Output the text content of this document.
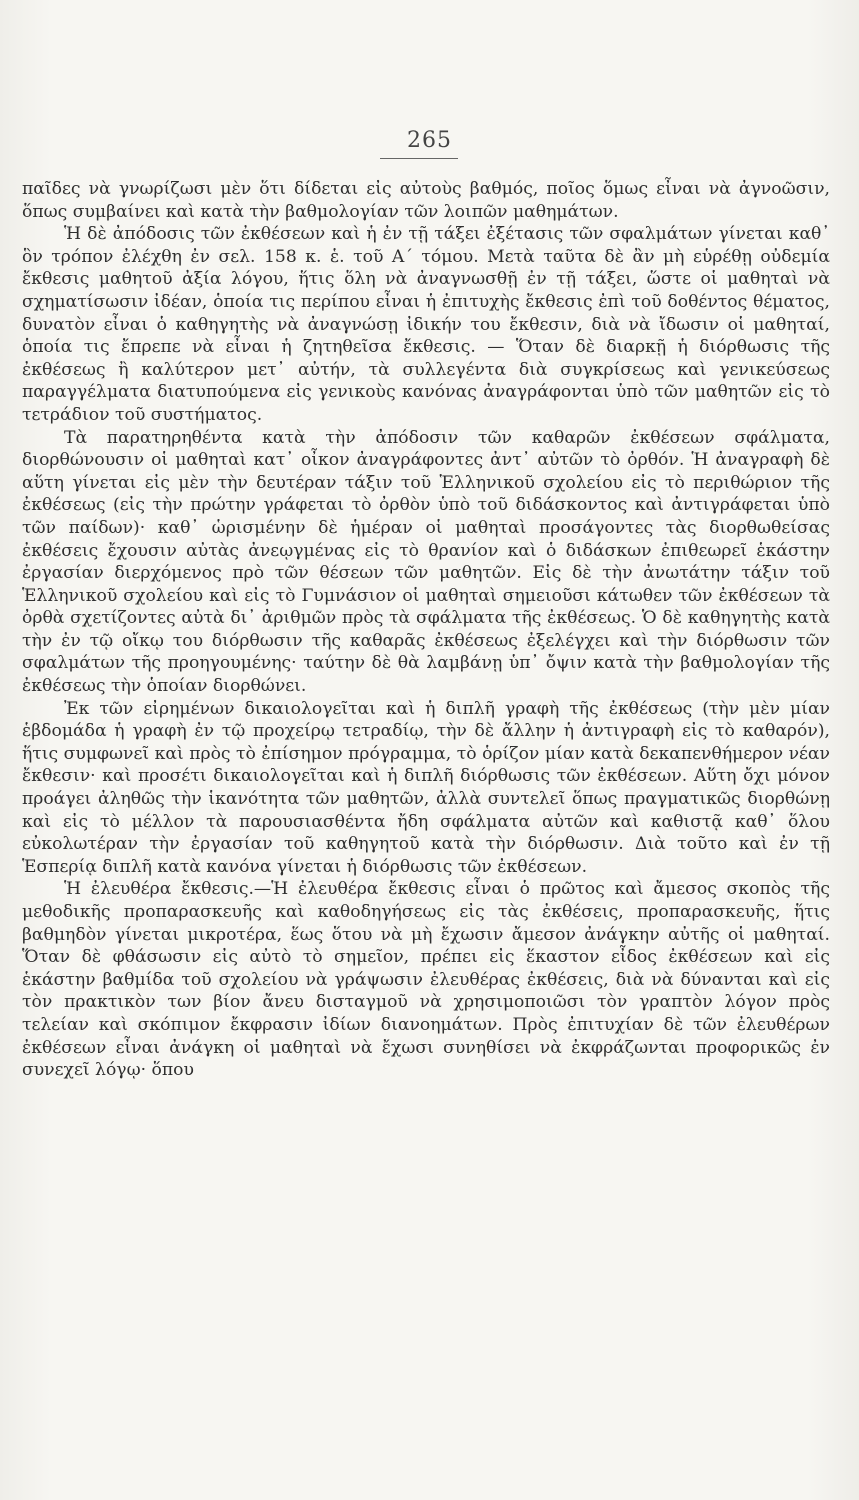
265

παῖδες νὰ γνωρίζωσι μὲν ὅτι δίδεται εἰς αὐτοὺς βαθμός, ποῖος ὅμως εἶναι νὰ ἀγνοῶσιν, ὅπως συμβαίνει καὶ κατὰ τὴν βαθμολογίαν τῶν λοιπῶν μαθημάτων.

Ἡ δὲ ἀπόδοσις τῶν ἐκθέσεων καὶ ἡ ἐν τῇ τάξει ἐξέτασις τῶν σφαλμάτων γίνεται καθ᾽ ὃν τρόπον ἐλέχθη ἐν σελ. 158 κ. ἑ. τοῦ Α΄ τόμου. Μετὰ ταῦτα δὲ ἂν μὴ εὑρέθῃ οὐδεμία ἔκθεσις μαθητοῦ ἀξία λόγου, ἥτις ὅλη νὰ ἀναγνωσθῇ ἐν τῇ τάξει, ὥστε οἱ μαθηταὶ νὰ σχηματίσωσιν ἰδέαν, ὁποία τις περίπου εἶναι ἡ ἐπιτυχὴς ἔκθεσις ἐπὶ τοῦ δοθέντος θέματος, δυνατὸν εἶναι ὁ καθηγητὴς νὰ ἀναγνώσῃ ἰδικήν του ἔκθεσιν, διὰ νὰ ἴδωσιν οἱ μαθηταί, ὁποία τις ἔπρεπε νὰ εἶναι ἡ ζητηθεῖσα ἔκθεσις. — Ὅταν δὲ διαρκῇ ἡ διόρθωσις τῆς ἐκθέσεως ἢ καλύτερον μετ᾽ αὐτήν, τὰ συλλεγέντα διὰ συγκρίσεως καὶ γενικεύσεως παραγγέλματα διατυπούμενα εἰς γενικοὺς κανόνας ἀναγράφονται ὑπὸ τῶν μαθητῶν εἰς τὸ τετράδιον τοῦ συστήματος.

Τὰ παρατηρηθέντα κατὰ τὴν ἀπόδοσιν τῶν καθαρῶν ἐκθέσεων σφάλματα, διορθώνουσιν οἱ μαθηταὶ κατ᾽ οἶκον ἀναγράφοντες ἀντ᾽ αὐτῶν τὸ ὀρθόν. Ἡ ἀναγραφὴ δὲ αὕτη γίνεται εἰς μὲν τὴν δευτέραν τάξιν τοῦ Ἑλληνικοῦ σχολείου εἰς τὸ περιθώριον τῆς ἐκθέσεως (εἰς τὴν πρώτην γράφεται τὸ ὀρθὸν ὑπὸ τοῦ διδάσκοντος καὶ ἀντιγράφεται ὑπὸ τῶν παίδων)· καθ᾽ ὡρισμένην δὲ ἡμέραν οἱ μαθηταὶ προσάγοντες τὰς διορθωθείσας ἐκθέσεις ἔχουσιν αὐτὰς ἀνεῳγμένας εἰς τὸ θρανίον καὶ ὁ διδάσκων ἐπιθεωρεῖ ἑκάστην ἐργασίαν διερχόμενος πρὸ τῶν θέσεων τῶν μαθητῶν. Εἰς δὲ τὴν ἀνωτάτην τάξιν τοῦ Ἑλληνικοῦ σχολείου καὶ εἰς τὸ Γυμνάσιον οἱ μαθηταὶ σημειοῦσι κάτωθεν τῶν ἐκθέσεων τὰ ὀρθὰ σχετίζοντες αὐτὰ δι᾽ ἀριθμῶν πρὸς τὰ σφάλματα τῆς ἐκθέσεως. Ὁ δὲ καθηγητὴς κατὰ τὴν ἐν τῷ οἴκῳ του διόρθωσιν τῆς καθαρᾶς ἐκθέσεως ἐξελέγχει καὶ τὴν διόρθωσιν τῶν σφαλμάτων τῆς προηγουμένης· ταύτην δὲ θὰ λαμβάνῃ ὑπ᾽ ὄψιν κατὰ τὴν βαθμολογίαν τῆς ἐκθέσεως τὴν ὁποίαν διορθώνει.

Ἐκ τῶν εἰρημένων δικαιολογεῖται καὶ ἡ διπλῆ γραφὴ τῆς ἐκθέσεως (τὴν μὲν μίαν ἑβδομάδα ἡ γραφὴ ἐν τῷ προχείρῳ τετραδίῳ, τὴν δὲ ἄλλην ἡ ἀντιγραφὴ εἰς τὸ καθαρόν), ἥτις συμφωνεῖ καὶ πρὸς τὸ ἐπίσημον πρόγραμμα, τὸ ὁρίζον μίαν κατὰ δεκαπενθήμερον νέαν ἔκθεσιν· καὶ προσέτι δικαιολογεῖται καὶ ἡ διπλῆ διόρθωσις τῶν ἐκθέσεων. Αὕτη ὄχι μόνον προάγει ἀληθῶς τὴν ἱκανότητα τῶν μαθητῶν, ἀλλὰ συντελεῖ ὅπως πραγματικῶς διορθώνῃ καὶ εἰς τὸ μέλλον τὰ παρουσιασθέντα ἤδη σφάλματα αὐτῶν καὶ καθιστᾷ καθ᾽ ὅλου εὐκολωτέραν τὴν ἐργασίαν τοῦ καθηγητοῦ κατὰ τὴν διόρθωσιν. Διὰ τοῦτο καὶ ἐν τῇ Ἑσπερίᾳ διπλῆ κατὰ κανόνα γίνεται ἡ διόρθωσις τῶν ἐκθέσεων.

Ἡ ἐλευθέρα ἔκθεσις.—Ἡ ἐλευθέρα ἔκθεσις εἶναι ὁ πρῶτος καὶ ἄμεσος σκοπὸς τῆς μεθοδικῆς προπαρασκευῆς καὶ καθοδηγήσεως εἰς τὰς ἐκθέσεις, προπαρασκευῆς, ἥτις βαθμηδὸν γίνεται μικροτέρα, ἕως ὅτου νὰ μὴ ἔχωσιν ἄμεσον ἀνάγκην αὐτῆς οἱ μαθηταί. Ὅταν δὲ φθάσωσιν εἰς αὐτὸ τὸ σημεῖον, πρέπει εἰς ἕκαστον εἶδος ἐκθέσεων καὶ εἰς ἑκάστην βαθμίδα τοῦ σχολείου νὰ γράψωσιν ἐλευθέρας ἐκθέσεις, διὰ νὰ δύνανται καὶ εἰς τὸν πρακτικὸν των βίον ἄνευ δισταγμοῦ νὰ χρησιμοποιῶσι τὸν γραπτὸν λόγον πρὸς τελείαν καὶ σκόπιμον ἔκφρασιν ἰδίων διανοημάτων. Πρὸς ἐπιτυχίαν δὲ τῶν ἐλευθέρων ἐκθέσεων εἶναι ἀνάγκη οἱ μαθηταὶ νὰ ἔχωσι συνηθίσει νὰ ἐκφράζωνται προφορικῶς ἐν συνεχεῖ λόγῳ· ὅπου
